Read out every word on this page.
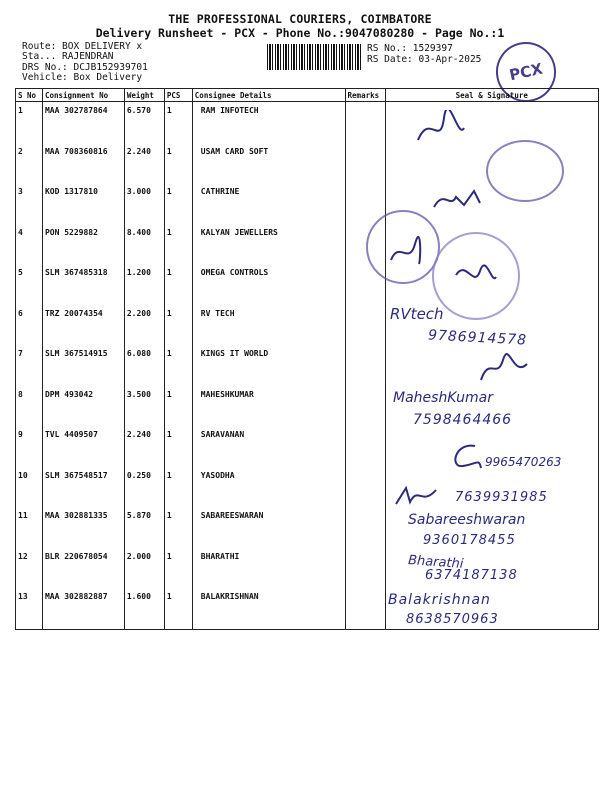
THE PROFESSIONAL COURIERS, COIMBATORE
Delivery Runsheet - PCX - Phone No.:9047080280 - Page No.:1
Route: BOX DELIVERY x
Sta... RAJENDRAN
DRS No.: DCJB152939701
Vehicle: Box Delivery
RS No.: 1529397
RS Date: 03-Apr-2025
PCX
S No	Consignment No	Weight	PCS	Consignee Details	Remarks	Seal & Signature
1	MAA 302787864	6.570	1	RAM INFOTECH		
2	MAA 708360816	2.240	1	USAM CARD SOFT		
3	KOD 1317810	3.000	1	CATHRINE		
4	PON 5229882	8.400	1	KALYAN JEWELLERS		
5	SLM 367485318	1.200	1	OMEGA CONTROLS		
6	TRZ 20074354	2.200	1	RV TECH		
7	SLM 367514915	6.080	1	KINGS IT WORLD		
8	DPM 493042	3.500	1	MAHESHKUMAR		
9	TVL 4409507	2.240	1	SARAVANAN		
10	SLM 367548517	0.250	1	YASODHA		
11	MAA 302881335	5.870	1	SABAREESWARAN		
12	BLR 220678054	2.000	1	BHARATHI		
13	MAA 302882887	1.600	1	BALAKRISHNAN		
RVtech
9786914578
MaheshKumar
7598464466
9965470263
7639931985
Sabareeshwaran
9360178455
Bharathi
6374187138
Balakrishnan
8638570963
